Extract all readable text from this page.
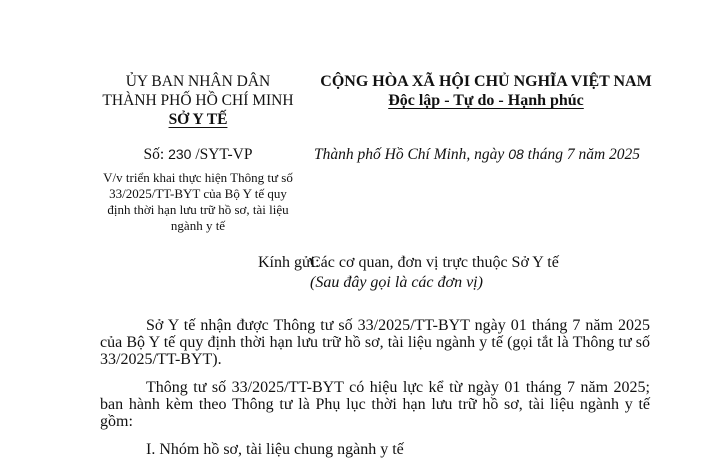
ỦY BAN NHÂN DÂN
THÀNH PHỐ HỒ CHÍ MINH
SỞ Y TẾ
CỘNG HÒA XÃ HỘI CHỦ NGHĨA VIỆT NAM
Độc lập - Tự do - Hạnh phúc
Số: 230 /SYT-VP	Thành phố Hồ Chí Minh, ngày 08 tháng 7 năm 2025
V/v triển khai thực hiện Thông tư số 33/2025/TT-BYT của Bộ Y tế quy định thời hạn lưu trữ hồ sơ, tài liệu ngành y tế
Kính gửi:
Các cơ quan, đơn vị trực thuộc Sở Y tế
(Sau đây gọi là các đơn vị)
Sở Y tế nhận được Thông tư số 33/2025/TT-BYT ngày 01 tháng 7 năm 2025 của Bộ Y tế quy định thời hạn lưu trữ hồ sơ, tài liệu ngành y tế (gọi tắt là Thông tư số 33/2025/TT-BYT).
Thông tư số 33/2025/TT-BYT có hiệu lực kể từ ngày 01 tháng 7 năm 2025; ban hành kèm theo Thông tư là Phụ lục thời hạn lưu trữ hồ sơ, tài liệu ngành y tế gồm:
I. Nhóm hồ sơ, tài liệu chung ngành y tế
